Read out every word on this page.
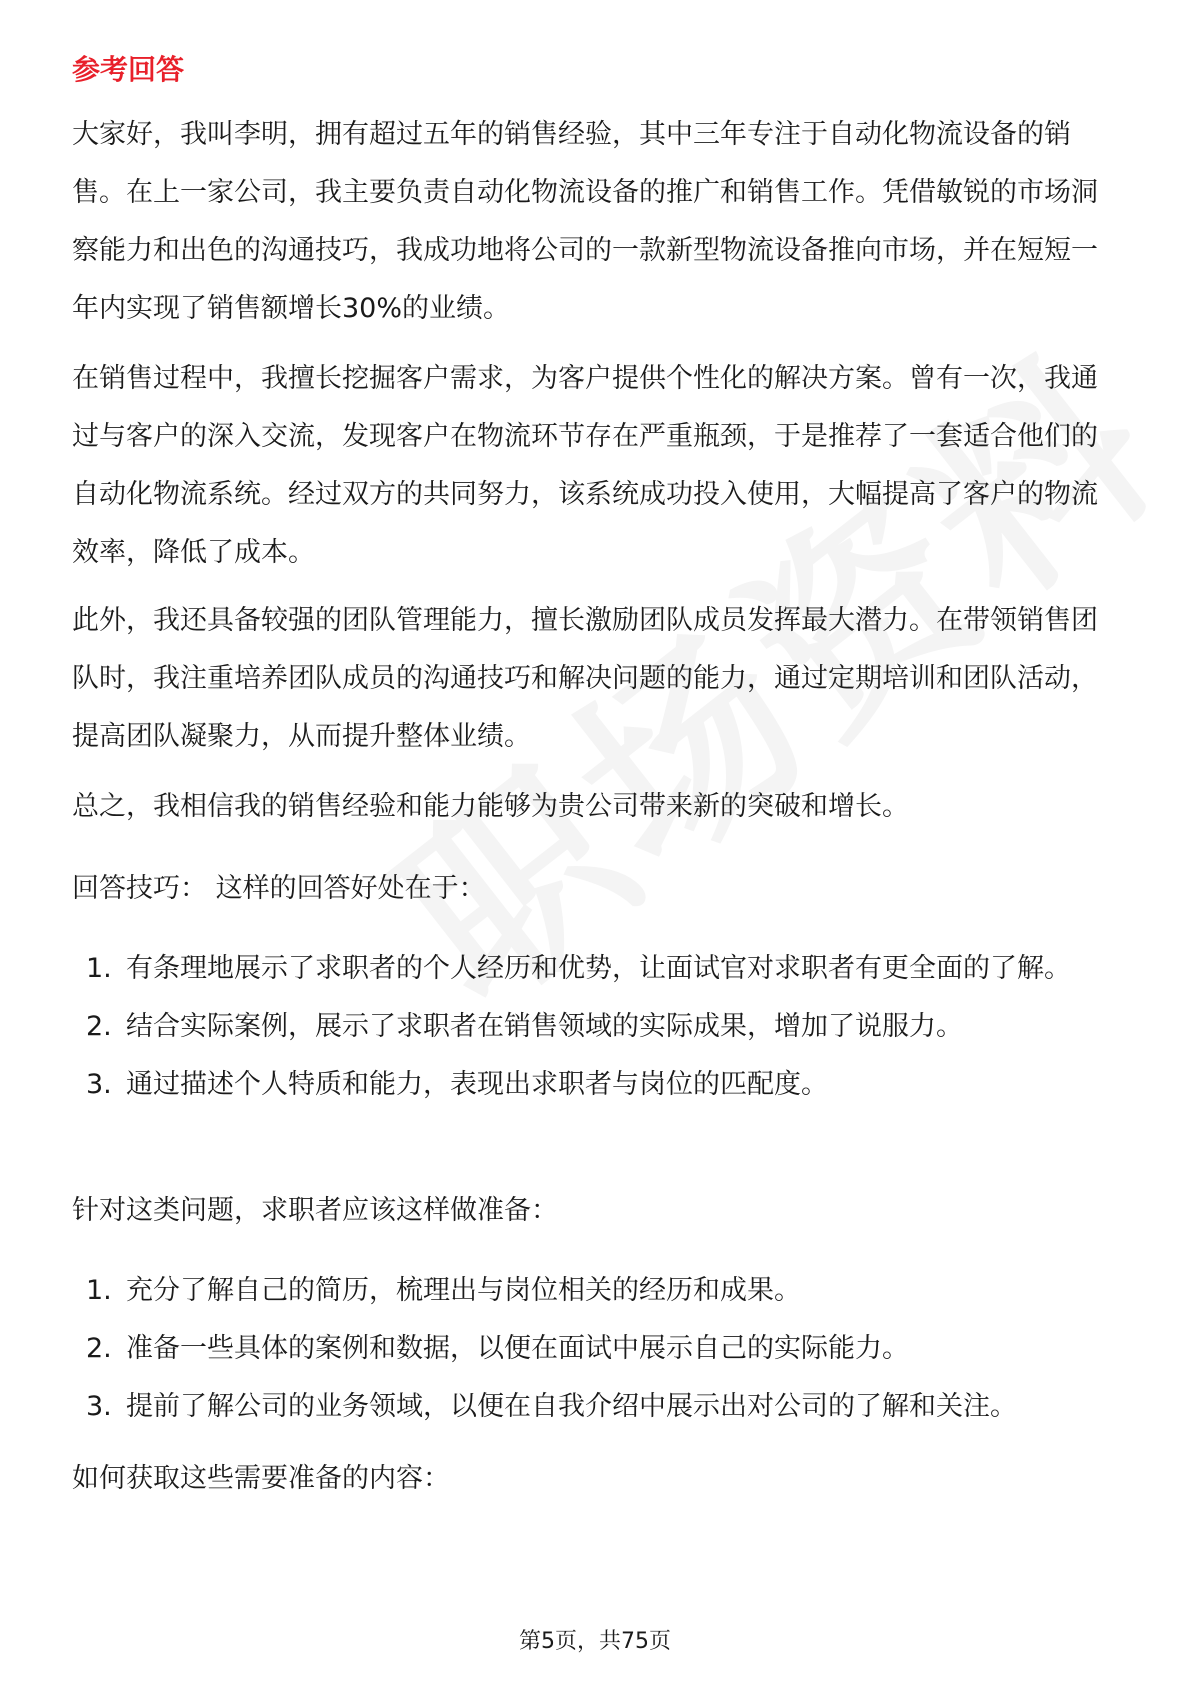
参考回答

大家好，我叫李明，拥有超过五年的销售经验，其中三年专注于自动化物流设备的销售。在上一家公司，我主要负责自动化物流设备的推广和销售工作。凭借敏锐的市场洞察能力和出色的沟通技巧，我成功地将公司的一款新型物流设备推向市场，并在短短一年内实现了销售额增长30%的业绩。

在销售过程中，我擅长挖掘客户需求，为客户提供个性化的解决方案。曾有一次，我通过与客户的深入交流，发现客户在物流环节存在严重瓶颈，于是推荐了一套适合他们的自动化物流系统。经过双方的共同努力，该系统成功投入使用，大幅提高了客户的物流效率，降低了成本。

此外，我还具备较强的团队管理能力，擅长激励团队成员发挥最大潜力。在带领销售团队时，我注重培养团队成员的沟通技巧和解决问题的能力，通过定期培训和团队活动，提高团队凝聚力，从而提升整体业绩。

总之，我相信我的销售经验和能力能够为贵公司带来新的突破和增长。

回答技巧： 这样的回答好处在于：

1. 有条理地展示了求职者的个人经历和优势，让面试官对求职者有更全面的了解。
2. 结合实际案例，展示了求职者在销售领域的实际成果，增加了说服力。
3. 通过描述个人特质和能力，表现出求职者与岗位的匹配度。

针对这类问题，求职者应该这样做准备：

1. 充分了解自己的简历，梳理出与岗位相关的经历和成果。
2. 准备一些具体的案例和数据，以便在面试中展示自己的实际能力。
3. 提前了解公司的业务领域，以便在自我介绍中展示出对公司的了解和关注。

如何获取这些需要准备的内容：

第5页，共75页
